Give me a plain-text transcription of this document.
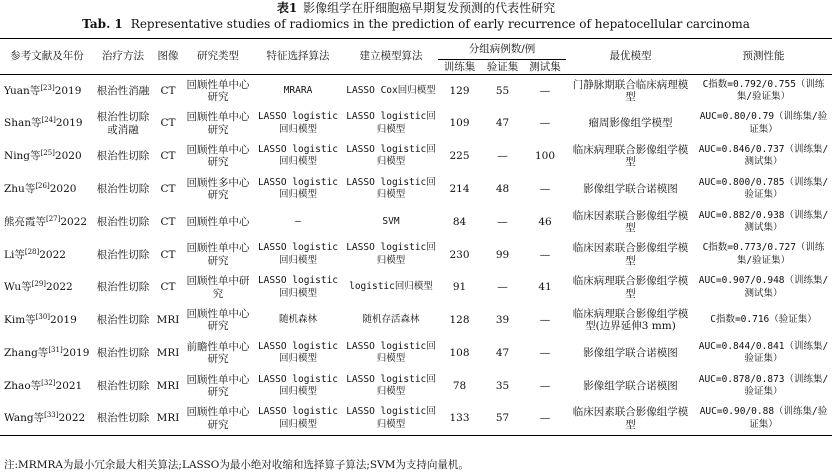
表1 影像组学在肝细胞癌早期复发预测的代表性研究
Tab. 1 Representative studies of radiomics in the prediction of early recurrence of hepatocellular carcinoma
参考文献及年份	治疗方法	图像	研究类型	特征选择算法	建立模型算法	分组病例数/例			最优模型	预测性能
						训练集	验证集	测试集		
Yuan等[23]2019	根治性消融	CT	回顾性单中心研究	MRARA	LASSO Cox回归模型	129	55	—	门静脉期联合临床病理模型	C指数=0.792/0.755（训练集/验证集）
Shan等[24]2019	根治性切除或消融	CT	回顾性单中心研究	LASSO logistic回归模型	LASSO logistic回归模型	109	47	—	瘤周影像组学模型	AUC=0.80/0.79（训练集/验证集）
Ning等[25]2020	根治性切除	CT	回顾性单中心研究	LASSO logistic回归模型	LASSO logistic回归模型	225	—	100	临床病理联合影像组学模型	AUC=0.846/0.737（训练集/测试集）
Zhu等[26]2020	根治性切除	CT	回顾性多中心研究	LASSO logistic回归模型	LASSO logistic回归模型	214	48	—	影像组学联合诺模图	AUC=0.800/0.785（训练集/验证集）
熊亮霞等[27]2022	根治性切除	CT	回顾性单中心	—	SVM	84	—	46	临床因素联合影像组学模型	AUC=0.882/0.938（训练集/测试集）
Li等[28]2022	根治性切除	CT	回顾性单中心研究	LASSO logistic回归模型	LASSO logistic回归模型	230	99	—	临床因素联合影像组学模型	C指数=0.773/0.727（训练集/验证集）
Wu等[29]2022	根治性切除	CT	回顾性单中研究	LASSO logistic回归模型	logistic回归模型	91	—	41	临床病理联合影像组学模型	AUC=0.907/0.948（训练集/测试集）
Kim等[30]2019	根治性切除	MRI	回顾性单中心研究	随机森林	随机存活森林	128	39	—	临床病理联合影像组学模型(边界延伸3 mm)	C指数=0.716（验证集）
Zhang等[31]2019	根治性切除	MRI	前瞻性单中心研究	LASSO logistic回归模型	LASSO logistic回归模型	108	47	—	影像组学联合诺模图	AUC=0.844/0.841（训练集/验证集）
Zhao等[32]2021	根治性切除	MRI	回顾性单中心研究	LASSO logistic回归模型	LASSO logistic回归模型	78	35	—	影像组学联合诺模图	AUC=0.878/0.873（训练集/验证集）
Wang等[33]2022	根治性切除	MRI	回顾性单中心研究	LASSO logistic回归模型	LASSO logistic回归模型	133	57	—	临床因素联合影像组学模型	AUC=0.90/0.88（训练集/验证集）
注:MRMRA为最小冗余最大相关算法;LASSO为最小绝对收缩和选择算子算法;SVM为支持向量机。
